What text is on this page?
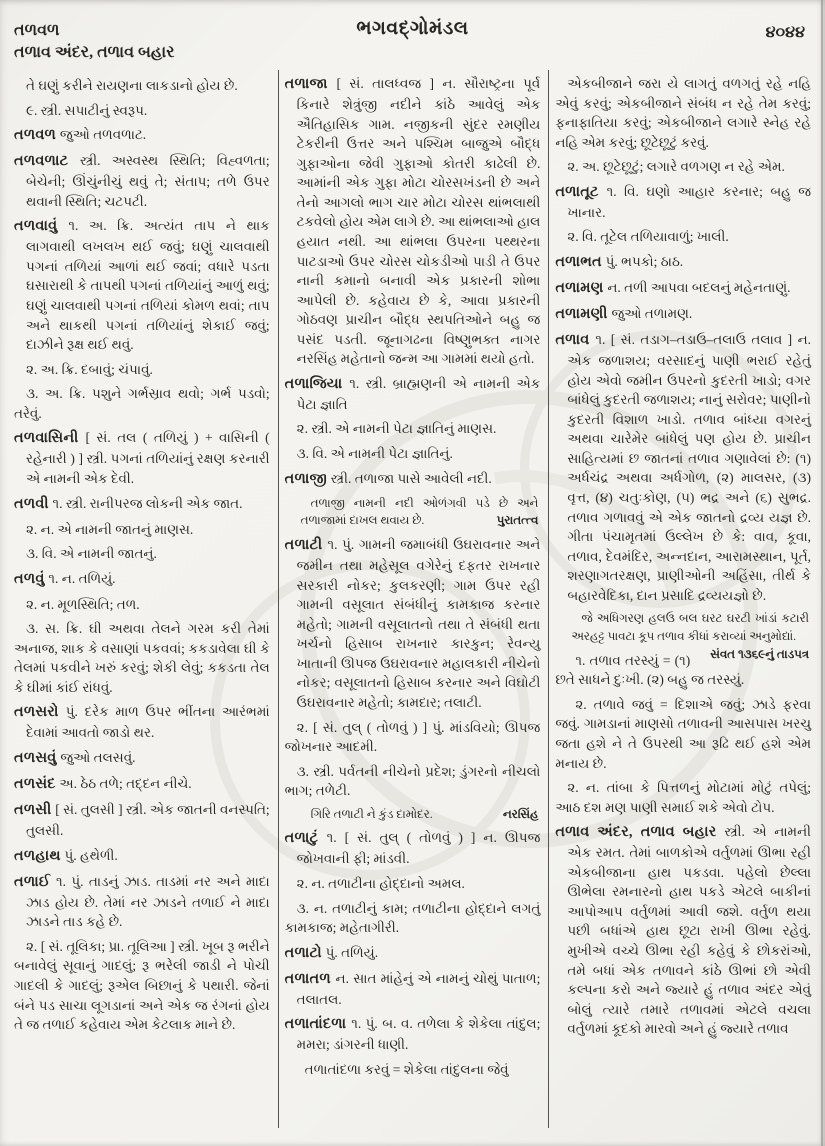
તળવળ	ભગવદ્ગોમંડલ	૪૦૪૪
તળાવ અંદર, તળાવ બહાર

તે ઘણું કરીને રાયણના લાકડાનો હોય છે.

૯. સ્ત્રી. સપાટીનું સ્વરૂપ.

તળવળ જુઓ તળવળાટ.

તળવળાટ સ્ત્રી. અસ્વસ્થ સ્થિતિ; વિહ્વળતા; બેચેની; ઊંચુંનીચું થવું તે; સંતાપ; તળે ઉપર થવાની સ્થિતિ; ચટપટી.

તળવાવું ૧. અ. ક્રિ. અત્યંત તાપ ને થાક લાગવાથી લખલખ થઈ જવું; ઘણું ચાલવાથી પગનાં તળિયાં આળાં થઈ જવાં; વધારે પડતા ઘસારાથી કે તાપથી પગનાં તળિયાંનું આળું થવું; ઘણું ચાલવાથી પગનાં તળિયાં કોમળ થવાં; તાપ અને થાકથી પગનાં તળિયાંનું શેકાઈ જવું; દાઝીને રૂક્ષ થઈ થવું.

૨. અ. ક્રિ. દબાવું; ચંપાવું.

૩. અ. ક્રિ. પશુને ગર્ભસ્રાવ થવો; ગર્ભ પડવો; તરેવું.

તળવાસિની [ સં. તલ ( તળિયું ) + વાસિની ( રહેનારી ) ] સ્ત્રી. પગનાં તળિયાંનું રક્ષણ કરનારી એ નામની એક દેવી.

તળવી ૧. સ્ત્રી. રાનીપરજ લોકની એક જાત.

૨. ન. એ નામની જાતનું માણસ.

૩. વિ. એ નામની જાતનું.

તળવું ૧. ન. તળિયું.

૨. ન. મૂળસ્થિતિ; તળ.

૩. સ. ક્રિ. ઘી અથવા તેલને ગરમ કરી તેમાં અનાજ, શાક કે વસાણાં પકવવાં; કકડાવેલા ઘી કે તેલમાં પકવીને ખરું કરવું; શેકી લેવું; કકડતા તેલ કે ઘીમાં કાંઈ રાંધવું.

તળસરો પું. દરેક માળ ઉપર ભીંતના આરંભમાં દેવામાં આવતો જાડો થર.

તળસવું જુઓ તલસવું.

તળસંદ અ. ઠેઠ તળે; તદ્દન નીચે.

તળસી [ સં. તુલસી ] સ્ત્રી. એક જાતની વનસ્પતિ; તુલસી.

તળહાથ પું. હથેળી.

તળાઈ ૧. પું. તાડનું ઝાડ. તાડમાં નર અને માદા ઝાડ હોય છે. તેમાં નર ઝાડને તળાઈ ને માદા ઝાડને તાડ કહે છે.

૨. [ સં. તૂલિકા; પ્રા. તૂલિઆ ] સ્ત્રી. ખૂબ રૂ ભરીને બનાવેલું સૂવાનું ગાદલું; રૂ ભરેલી જાડી ને પોચી ગાદલી કે ગાદલું; રૂએલ બિછાનું કે પથારી. જેનાં બંને પડ સાચા લૂગડાનાં અને એક જ રંગનાં હોય તે જ તળાઈ કહેવાય એમ કેટલાક માને છે.

તળાજા [ સં. તાલધ્વજ ] ન. સૌરાષ્ટ્રના પૂર્વ કિનારે શેત્રુંજી નદીને કાંઠે આવેલું એક ઐતિહાસિક ગામ. નજીકની સુંદર રમણીય ટેકરીની ઉત્તર અને પશ્ચિમ બાજુએ બૌદ્ધ ગુફાઓના જેવી ગુફાઓ કોતરી કાઢેલી છે. આમાંની એક ગુફા મોટા ચોરસખંડની છે અને તેનો આગલો ભાગ ચાર મોટા ચોરસ થાંભલાથી ટકવેલો હોય એમ લાગે છે. આ થાંભલાઓ હાલ હયાત નથી. આ થાંભલા ઉપરના પથ્થરના પાટડાઓ ઉપર ચોરસ ચોકડીઓ પાડી તે ઉપર નાની કમાનો બનાવી એક પ્રકારની શોભા આપેલી છે. કહેવાય છે કે, આવા પ્રકારની ગોઠવણ પ્રાચીન બૌદ્ધ સ્થપતિઓને બહુ જ પસંદ પડતી. જૂનાગઢના વિષ્ણુભક્ત નાગર નરસિંહ મહેતાનો જન્મ આ ગામમાં થયો હતો.

તળાજિયા ૧. સ્ત્રી. બ્રાહ્મણની એ નામની એક પેટા જ્ઞાતિ

૨. સ્ત્રી. એ નામની પેટા જ્ઞાતિનું માણસ.

૩. વિ. એ નામની પેટા જ્ઞાતિનું.

તળાજી સ્ત્રી. તળાજા પાસે આવેલી નદી.

તળાજી નામની નદી ઓળંગવી પડે છે અને તળાજામાં દાખલ થવાય છે.	પુરાતત્ત્વ

તળાટી ૧. પું. ગામની જમાબંધી ઉઘરાવનાર અને જમીન તથા મહેસૂલ વગેરેનું દફતર રાખનાર સરકારી નોકર; કુલકરણી; ગામ ઉપર રહી ગામની વસૂલાત સંબંધીનું કામકાજ કરનાર મહેતો; ગામની વસૂલાતનો તથા તે સંબંધી થતા ખર્ચનો હિસાબ રાખનાર કારકુન; રેવન્યુ ખાતાની ઊપજ ઉઘરાવનાર મહાલકારી નીચેનો નોકર; વસૂલાતનો હિસાબ કરનાર અને વિઘોટી ઉઘરાવનાર મહેતો; કામદાર; તલાટી.

૨. [ સં. તુલ્ ( તોળવું ) ] પું. માંડવિયો; ઊપજ જોખનાર આદમી.

૩. સ્ત્રી. પર્વતની નીચેનો પ્રદેશ; ડુંગરનો નીચલો ભાગ; તળેટી.

ગિરિ તળાટી ને કુંડ દામોદર.	નરસિંહ

તળાટું ૧. [ સં. તુલ્ ( તોળવું ) ] ન. ઊપજ જોખવાની ફી; માંડવી.

૨. ન. તળાટીના હોદ્દાનો અમલ.

૩. ન. તળાટીનું કામ; તળાટીના હોદ્દાને લગતું કામકાજ; મહેતાગીરી.

તળાટો પું. તળિયું.

તળાતળ ન. સાત માંહેનું એ નામનું ચોથું પાતાળ; તલાતલ.

તળાતાંદળા ૧. પું. બ. વ. તળેલા કે શેકેલા તાંદુલ; મમરા; ડાંગરની ધાણી.

તળાતાંદળા કરવું = શેકેલા તાંદુલના જેવું

એકબીજાને જરા યે લાગતું વળગતું રહે નહિ એવું કરવું; એકબીજાને સંબંધ ન રહે તેમ કરવું; ફનાફાતિયા કરવું; એકબીજાને લગારે સ્નેહ રહે નહિ એમ કરવું; છૂટેછૂટું કરવું.

૨. અ. છૂટેછૂટું; લગારે વળગણ ન રહે એમ.

તળાતૂટ ૧. વિ. ઘણો આહાર કરનાર; બહુ જ ખાનાર.

૨. વિ. તૂટેલ તળિયાવાળું; ખાલી.

તળાભત પું. ભપકો; ઠાઠ.

તળામણ ન. તળી આપવા બદલનું મહેનતાણું.

તળામણી જુઓ તળામણ.

તળાવ ૧. [ સં. તડાગ–તડાઉ–તલાઉ તલાવ ] ન. એક જળાશય; વરસાદનું પાણી ભરાઈ રહેતું હોય એવો જમીન ઉપરનો કુદરતી ખાડો; વગર બાંધેલું કુદરતી જળાશય; નાનું સરોવર; પાણીનો કુદરતી વિશાળ ખાડો. તળાવ બાંધ્યા વગરનું અથવા ચારેમેર બાંધેલું પણ હોય છે. પ્રાચીન સાહિત્યમાં છ જાતનાં તળાવ ગણાવેલાં છે: (૧) અર્ધચંદ્ર અથવા અર્ધગોળ, (૨) માલસર, (૩) વૃત્ત, (૪) ચતુઃકોણ, (૫) ભદ્ર અને (૬) સુભદ્ર. તળાવ ગળાવવું એ એક જાતનો દ્રવ્ય યજ્ઞ છે. ગીતા પંચામૃતમાં ઉલ્લેખ છે કે: વાવ, કૂવા, તળાવ, દેવમંદિર, અન્નદાન, આરામસ્થાન, પૂર્ત, શરણાગતરક્ષણ, પ્રાણીઓની અહિંસા, તીર્થ કે બહારવેદિકા, દાન પ્રસાદિ દ્રવ્યયજ્ઞો છે.

જે અધિગરણ હલઉ બલ ઘરટ ઘરટી ખાંડાં કટારી અરહટ્ટ પાવટા કૂપ તળાવ કીધાં કરાવ્યાં અનુમોદ્યાં.
સંવત ૧૩૬૯નું તાડપત્ર

૧. તળાવ તરસ્યું = (૧) છતે સાધને દુઃખી. (૨) બહુ જ તરસ્યું.

૨. તળાવે જવું = દિશાએ જવું; ઝાડે ફરવા જવું. ગામડાનાં માણસો તળાવની આસપાસ ખરચુ જતા હશે ને તે ઉપરથી આ રૂઢિ થઈ હશે એમ મનાય છે.

૨. ન. તાંબા કે પિત્તળનું મોટામાં મોટું તપેલું; આઠ દશ મણ પાણી સમાઈ શકે એવો ટોપ.

તળાવ અંદર, તળાવ બહાર સ્ત્રી. એ નામની એક રમત. તેમાં બાળકોએ વર્તુળમાં ઊભા રહી એકબીજાના હાથ પકડવા. પહેલો છેલ્લા ઊભેલા રમનારનો હાથ પકડે એટલે બાકીનાં આપોઆપ વર્તુળમાં આવી જશે. વર્તુળ થયા પછી બધાંએ હાથ છૂટા રાખી ઊભા રહેવું. મુખીએ વચ્ચે ઊભા રહી કહેવું કે છોકરાંઓ, તમે બધાં એક તળાવને કાંઠે ઊભાં છો એવી કલ્પના કરો અને જ્યારે હું તળાવ અંદર એવું બોલું ત્યારે તમારે તળાવમાં એટલે વચલા વર્તુળમાં કૂદકો મારવો અને હું જ્યારે તળાવ
